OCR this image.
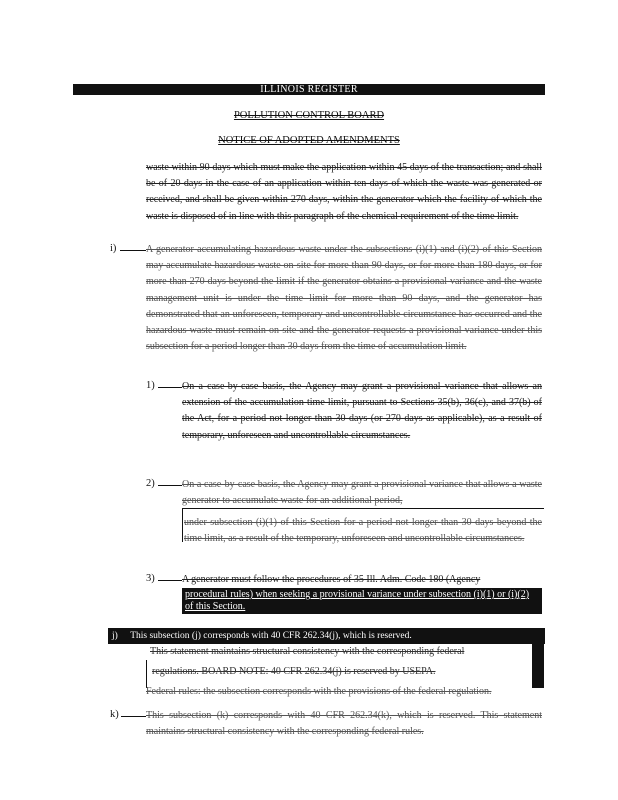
ILLINOIS REGISTER
POLLUTION CONTROL BOARD
NOTICE OF ADOPTED AMENDMENTS
waste within 90 days which must make the application within 45 days of the transaction; and shall be of 20 days in the case of an application within ten days of which the waste was generated or received, and shall be given within 270 days, within the generator which the facility of which the waste is disposed of in line with this paragraph of the chemical requirement of the time limit.
i)	A generator accumulating hazardous waste under the subsections (i)(1) and (i)(2) of this Section may accumulate hazardous waste on-site for more than 90 days, or for more than 180 days, or for more than 270 days beyond the limit if the generator obtains a provisional variance and the waste management unit is under the time limit for more than 90 days, and the generator has demonstrated that an unforeseen, temporary and uncontrollable circumstance has occurred and the hazardous waste must remain on-site and the generator requests a provisional variance under this subsection for a period longer than 30 days from the time of accumulation limit.
1)	On a case-by-case basis, the Agency may grant a provisional variance that allows an extension of the accumulation time limit, pursuant to Sections 35(b), 36(c), and 37(b) of the Act, for a period not longer than 30 days (or 270 days as applicable), as a result of temporary, unforeseen and uncontrollable circumstances.
2)	On a case-by-case basis, the Agency may grant a provisional variance that allows a waste generator to accumulate waste for an additional period,
under subsection (i)(1) of this Section for a period not longer than 30 days beyond the time limit, as a result of the temporary, unforeseen and uncontrollable circumstances.
3)	A generator must follow the procedures of 35 Ill. Adm. Code 180 (Agency
procedural rules) when seeking a provisional variance under subsection (i)(1) or (i)(2) of this Section.
j) This subsection (j) corresponds with 40 CFR 262.34(j), which is reserved.
This statement maintains structural consistency with the corresponding federal
regulations. BOARD NOTE: 40 CFR 262.34(j) is reserved by USEPA.
Federal rules: the subsection corresponds with the provisions of the federal regulation.
k)	This subsection (k) corresponds with 40 CFR 262.34(k), which is reserved. This statement maintains structural consistency with the corresponding federal rules.
